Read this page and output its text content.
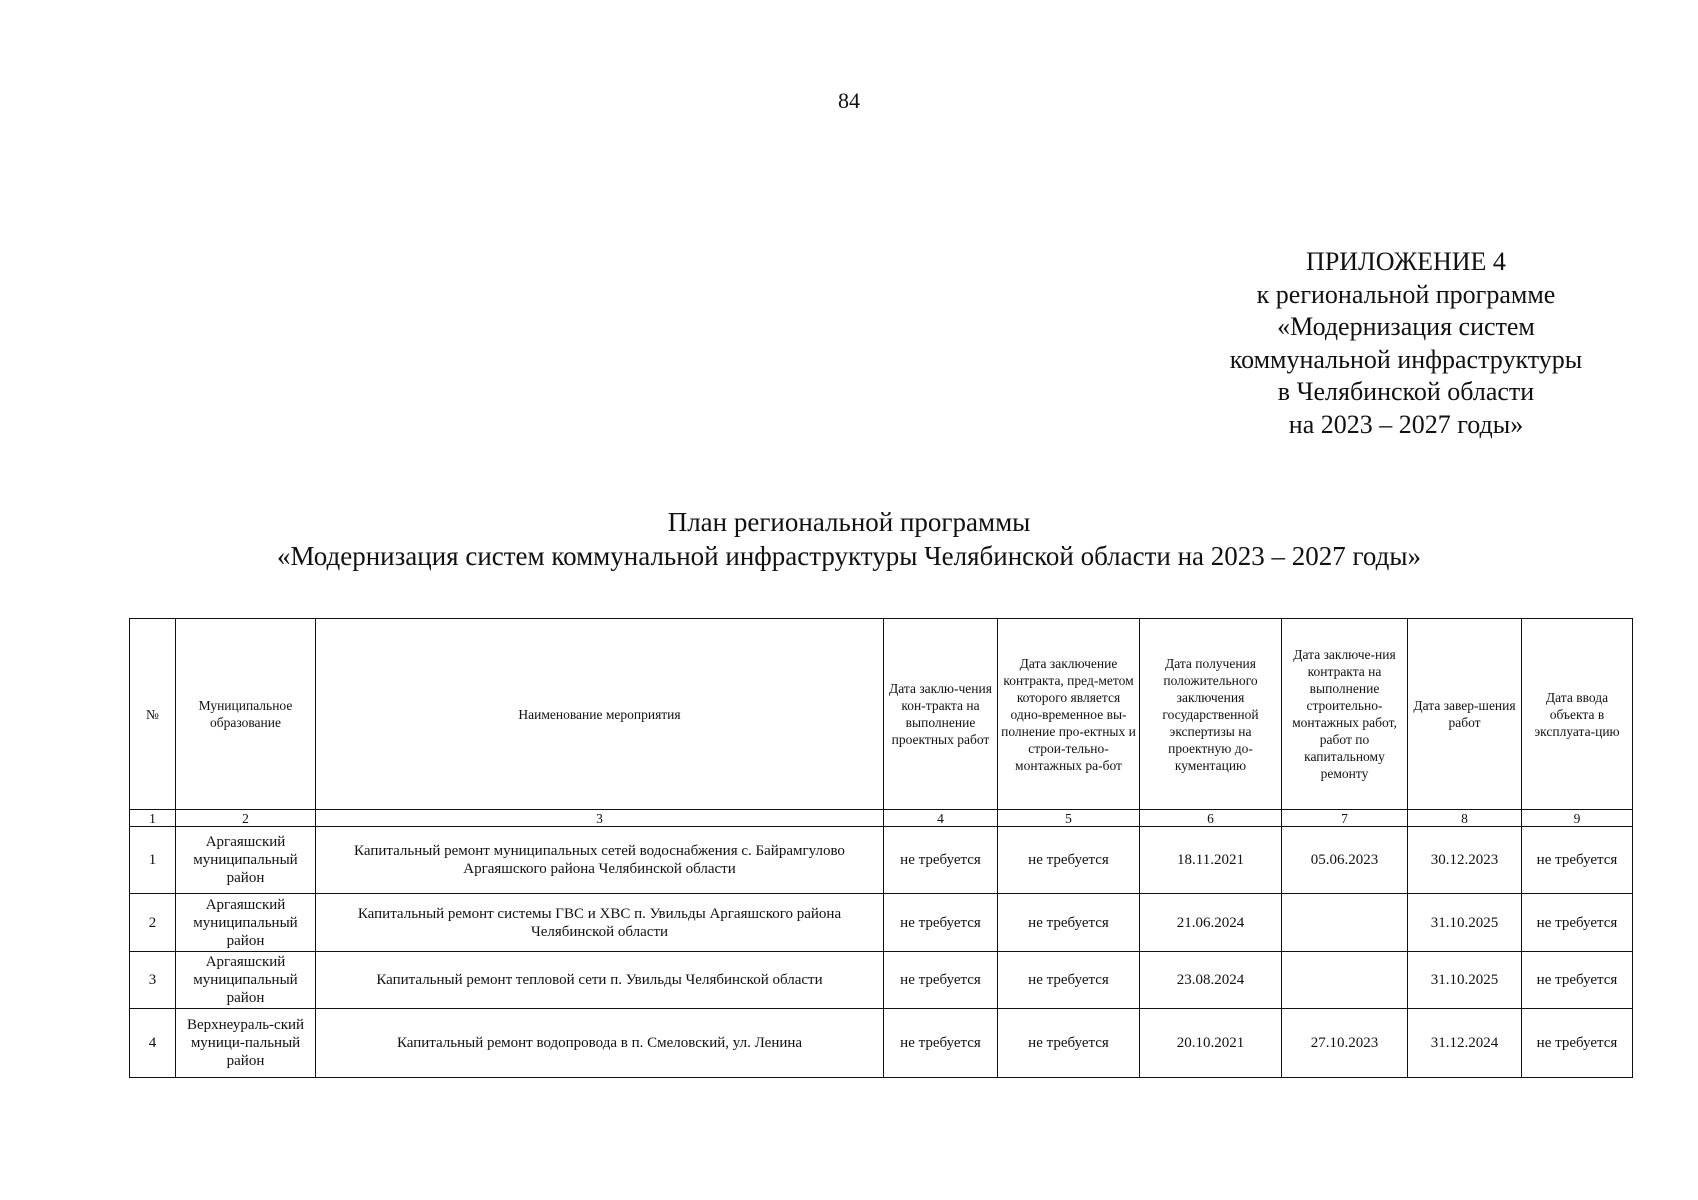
84
ПРИЛОЖЕНИЕ 4
к региональной программе
«Модернизация систем
коммунальной инфраструктуры
в Челябинской области
на 2023 – 2027 годы»
План региональной программы
«Модернизация систем коммунальной инфраструктуры Челябинской области на 2023 – 2027 годы»
№	Муниципальное образование	Наименование мероприятия	Дата заклю-чения кон-тракта на выполнение проектных работ	Дата заключение контракта, пред-метом которого является одно-временное вы-полнение про-ектных и строи-тельно-монтажных ра-бот	Дата получения положительного заключения государственной экспертизы на проектную до-кументацию	Дата заключе-ния контракта на выполнение строительно-монтажных работ, работ по капитальному ремонту	Дата завер-шения работ	Дата ввода объекта в эксплуата-цию
1	2	3	4	5	6	7	8	9
1	Аргаяшский муниципальный район	Капитальный ремонт муниципальных сетей водоснабжения с. Байрамгулово Аргаяшского района Челябинской области	не требуется	не требуется	18.11.2021	05.06.2023	30.12.2023	не требуется
2	Аргаяшский муниципальный район	Капитальный ремонт системы ГВС и ХВС п. Увильды Аргаяшского района Челябинской области	не требуется	не требуется	21.06.2024		31.10.2025	не требуется
3	Аргаяшский муниципальный район	Капитальный ремонт тепловой сети п. Увильды Челябинской области	не требуется	не требуется	23.08.2024		31.10.2025	не требуется
4	Верхнеураль-ский муници-пальный район	Капитальный ремонт водопровода в п. Смеловский, ул. Ленина	не требуется	не требуется	20.10.2021	27.10.2023	31.12.2024	не требуется
